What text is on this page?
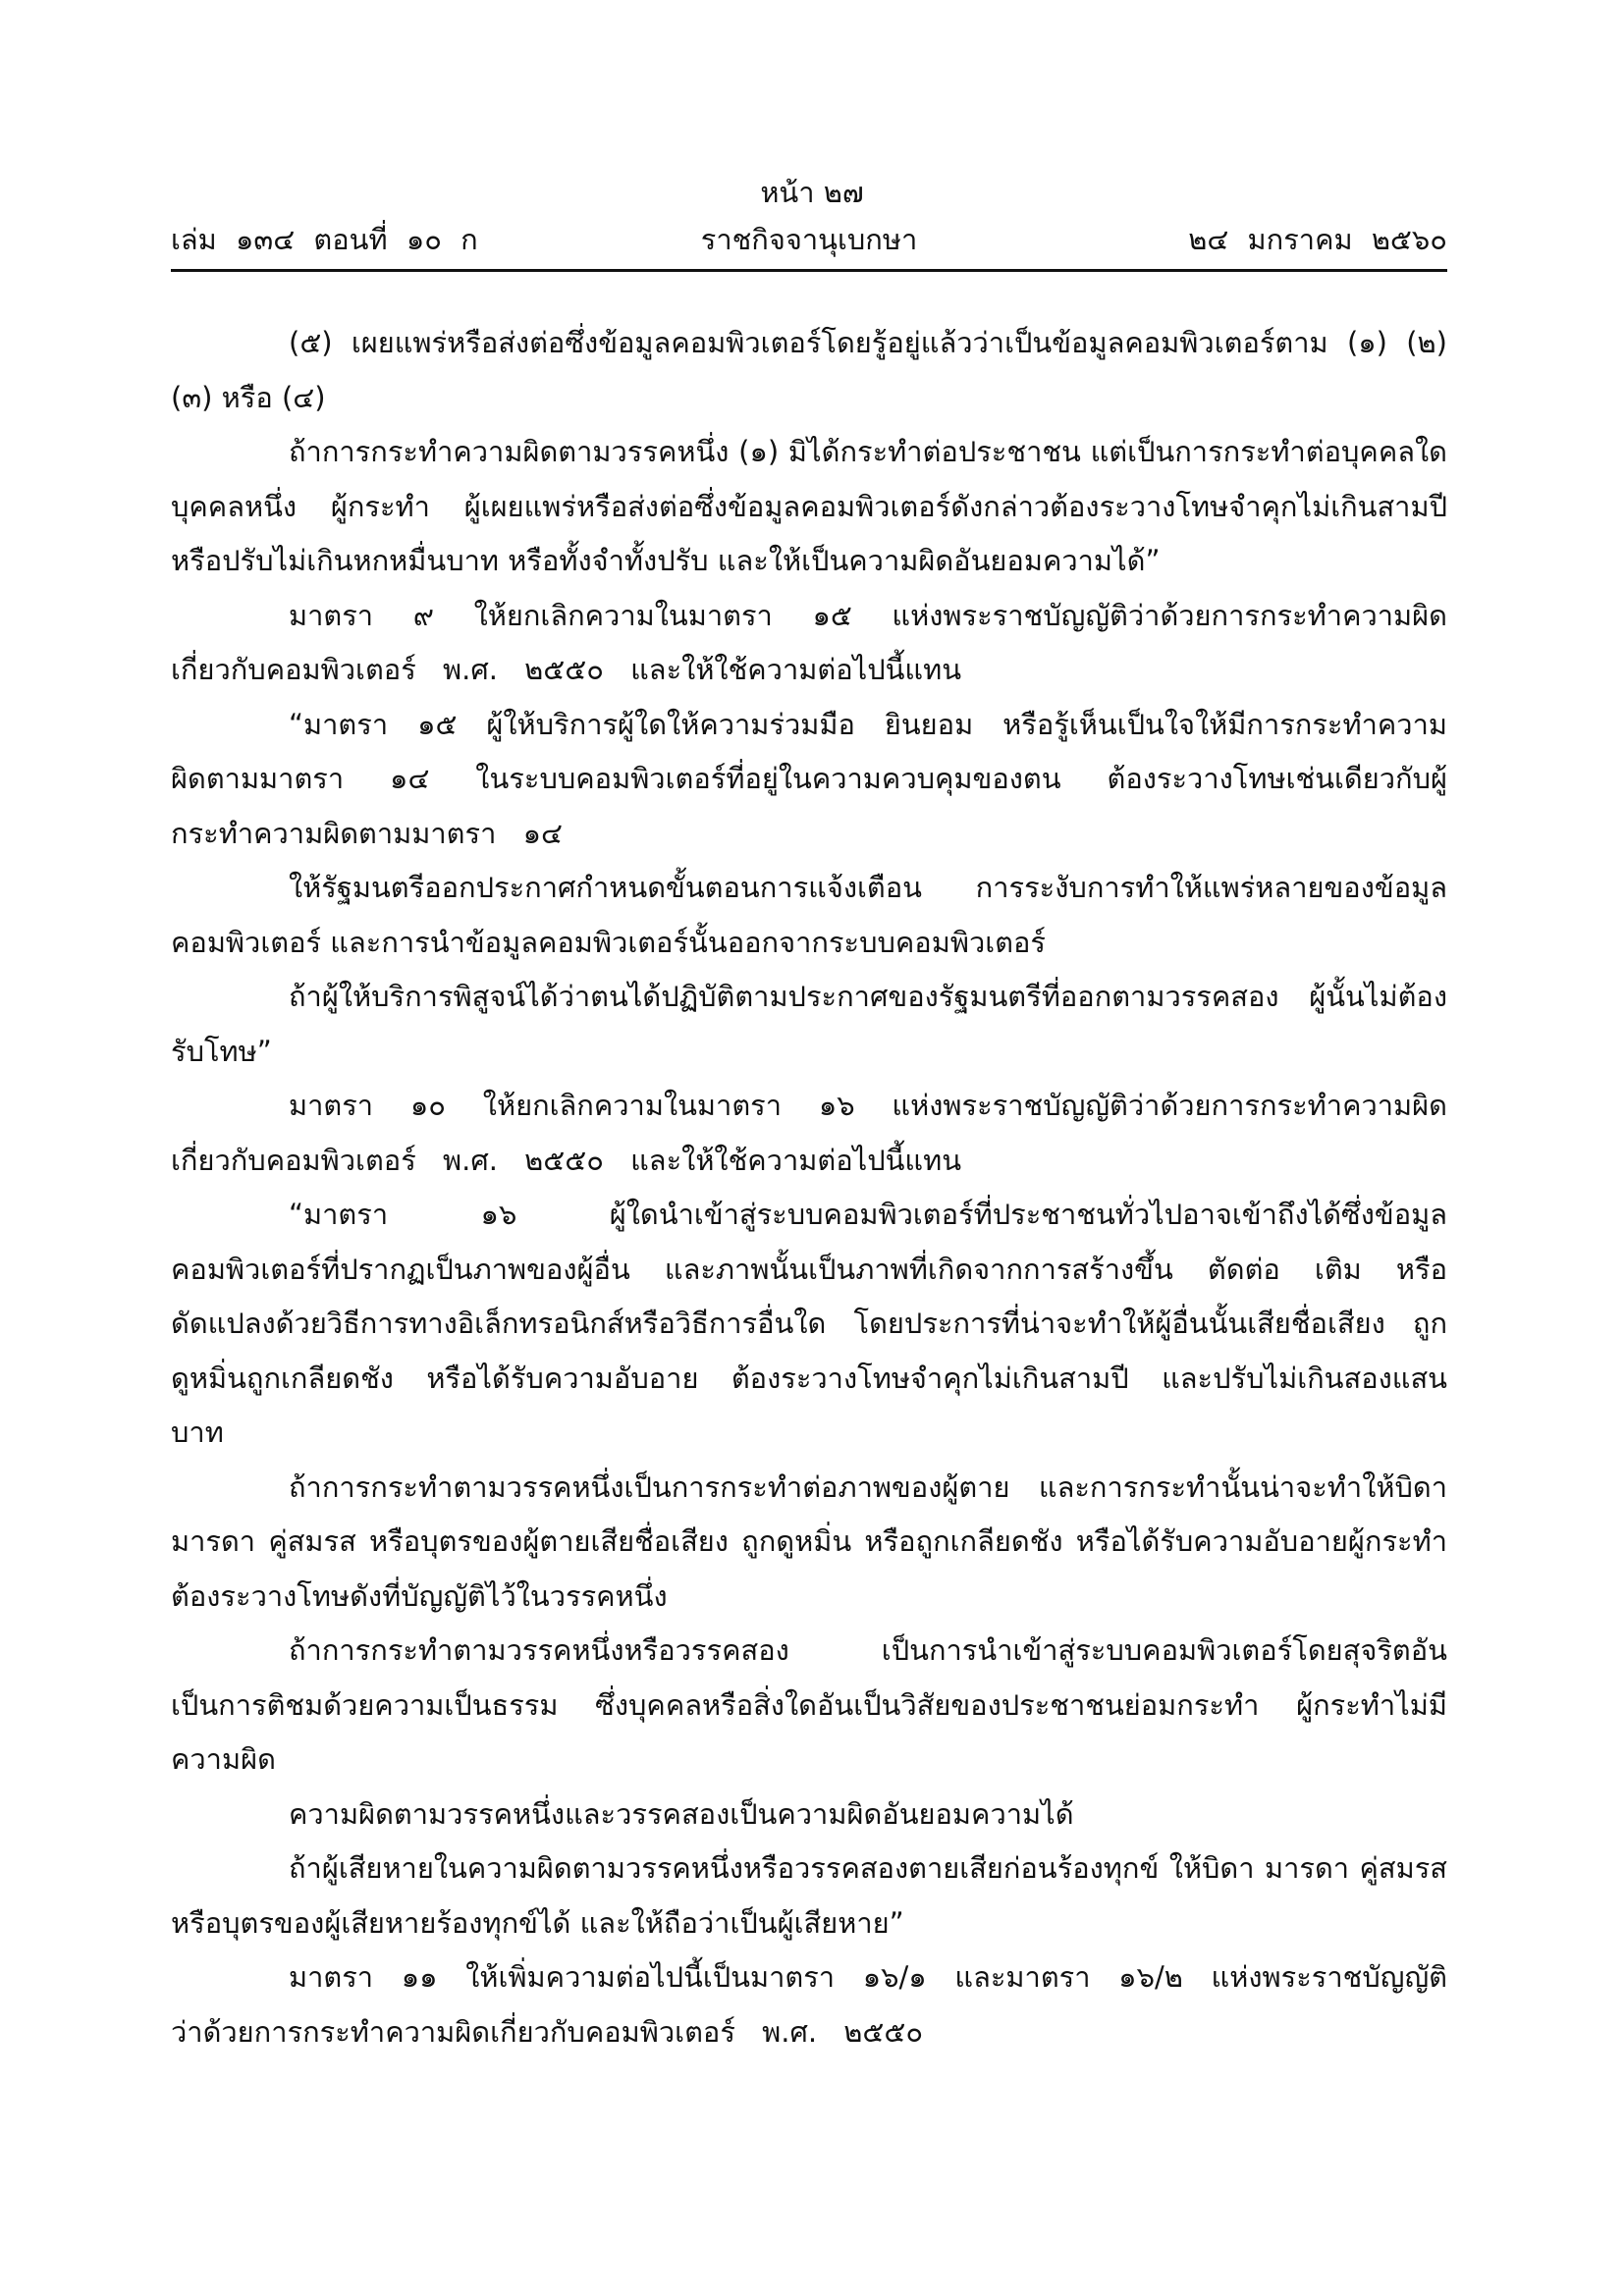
หน้า ๒๗
เล่ม ๑๓๔ ตอนที่ ๑๐ ก	ราชกิจจานุเบกษา	๒๔ มกราคม ๒๕๖๐

(๕) เผยแพร่หรือส่งต่อซึ่งข้อมูลคอมพิวเตอร์โดยรู้อยู่แล้วว่าเป็นข้อมูลคอมพิวเตอร์ตาม (๑) (๒) (๓) หรือ (๔)

ถ้าการกระทำความผิดตามวรรคหนึ่ง (๑) มิได้กระทำต่อประชาชน แต่เป็นการกระทำต่อบุคคลใดบุคคลหนึ่ง ผู้กระทำ ผู้เผยแพร่หรือส่งต่อซึ่งข้อมูลคอมพิวเตอร์ดังกล่าวต้องระวางโทษจำคุกไม่เกินสามปีหรือปรับไม่เกินหกหมื่นบาท หรือทั้งจำทั้งปรับ และให้เป็นความผิดอันยอมความได้”

มาตรา ๙ ให้ยกเลิกความในมาตรา ๑๕ แห่งพระราชบัญญัติว่าด้วยการกระทำความผิดเกี่ยวกับคอมพิวเตอร์ พ.ศ. ๒๕๕๐ และให้ใช้ความต่อไปนี้แทน

“มาตรา ๑๕ ผู้ให้บริการผู้ใดให้ความร่วมมือ ยินยอม หรือรู้เห็นเป็นใจให้มีการกระทำความผิดตามมาตรา ๑๔ ในระบบคอมพิวเตอร์ที่อยู่ในความควบคุมของตน ต้องระวางโทษเช่นเดียวกับผู้กระทำความผิดตามมาตรา ๑๔

ให้รัฐมนตรีออกประกาศกำหนดขั้นตอนการแจ้งเตือน การระงับการทำให้แพร่หลายของข้อมูลคอมพิวเตอร์ และการนำข้อมูลคอมพิวเตอร์นั้นออกจากระบบคอมพิวเตอร์

ถ้าผู้ให้บริการพิสูจน์ได้ว่าตนได้ปฏิบัติตามประกาศของรัฐมนตรีที่ออกตามวรรคสอง ผู้นั้นไม่ต้องรับโทษ”

มาตรา ๑๐ ให้ยกเลิกความในมาตรา ๑๖ แห่งพระราชบัญญัติว่าด้วยการกระทำความผิดเกี่ยวกับคอมพิวเตอร์ พ.ศ. ๒๕๕๐ และให้ใช้ความต่อไปนี้แทน

“มาตรา ๑๖ ผู้ใดนำเข้าสู่ระบบคอมพิวเตอร์ที่ประชาชนทั่วไปอาจเข้าถึงได้ซึ่งข้อมูลคอมพิวเตอร์ที่ปรากฏเป็นภาพของผู้อื่น และภาพนั้นเป็นภาพที่เกิดจากการสร้างขึ้น ตัดต่อ เติม หรือดัดแปลงด้วยวิธีการทางอิเล็กทรอนิกส์หรือวิธีการอื่นใด โดยประการที่น่าจะทำให้ผู้อื่นนั้นเสียชื่อเสียง ถูกดูหมิ่นถูกเกลียดชัง หรือได้รับความอับอาย ต้องระวางโทษจำคุกไม่เกินสามปี และปรับไม่เกินสองแสนบาท

ถ้าการกระทำตามวรรคหนึ่งเป็นการกระทำต่อภาพของผู้ตาย และการกระทำนั้นน่าจะทำให้บิดามารดา คู่สมรส หรือบุตรของผู้ตายเสียชื่อเสียง ถูกดูหมิ่น หรือถูกเกลียดชัง หรือได้รับความอับอายผู้กระทำต้องระวางโทษดังที่บัญญัติไว้ในวรรคหนึ่ง

ถ้าการกระทำตามวรรคหนึ่งหรือวรรคสอง เป็นการนำเข้าสู่ระบบคอมพิวเตอร์โดยสุจริตอันเป็นการติชมด้วยความเป็นธรรม ซึ่งบุคคลหรือสิ่งใดอันเป็นวิสัยของประชาชนย่อมกระทำ ผู้กระทำไม่มีความผิด

ความผิดตามวรรคหนึ่งและวรรคสองเป็นความผิดอันยอมความได้

ถ้าผู้เสียหายในความผิดตามวรรคหนึ่งหรือวรรคสองตายเสียก่อนร้องทุกข์ ให้บิดา มารดา คู่สมรสหรือบุตรของผู้เสียหายร้องทุกข์ได้ และให้ถือว่าเป็นผู้เสียหาย”

มาตรา ๑๑ ให้เพิ่มความต่อไปนี้เป็นมาตรา ๑๖/๑ และมาตรา ๑๖/๒ แห่งพระราชบัญญัติว่าด้วยการกระทำความผิดเกี่ยวกับคอมพิวเตอร์ พ.ศ. ๒๕๕๐
